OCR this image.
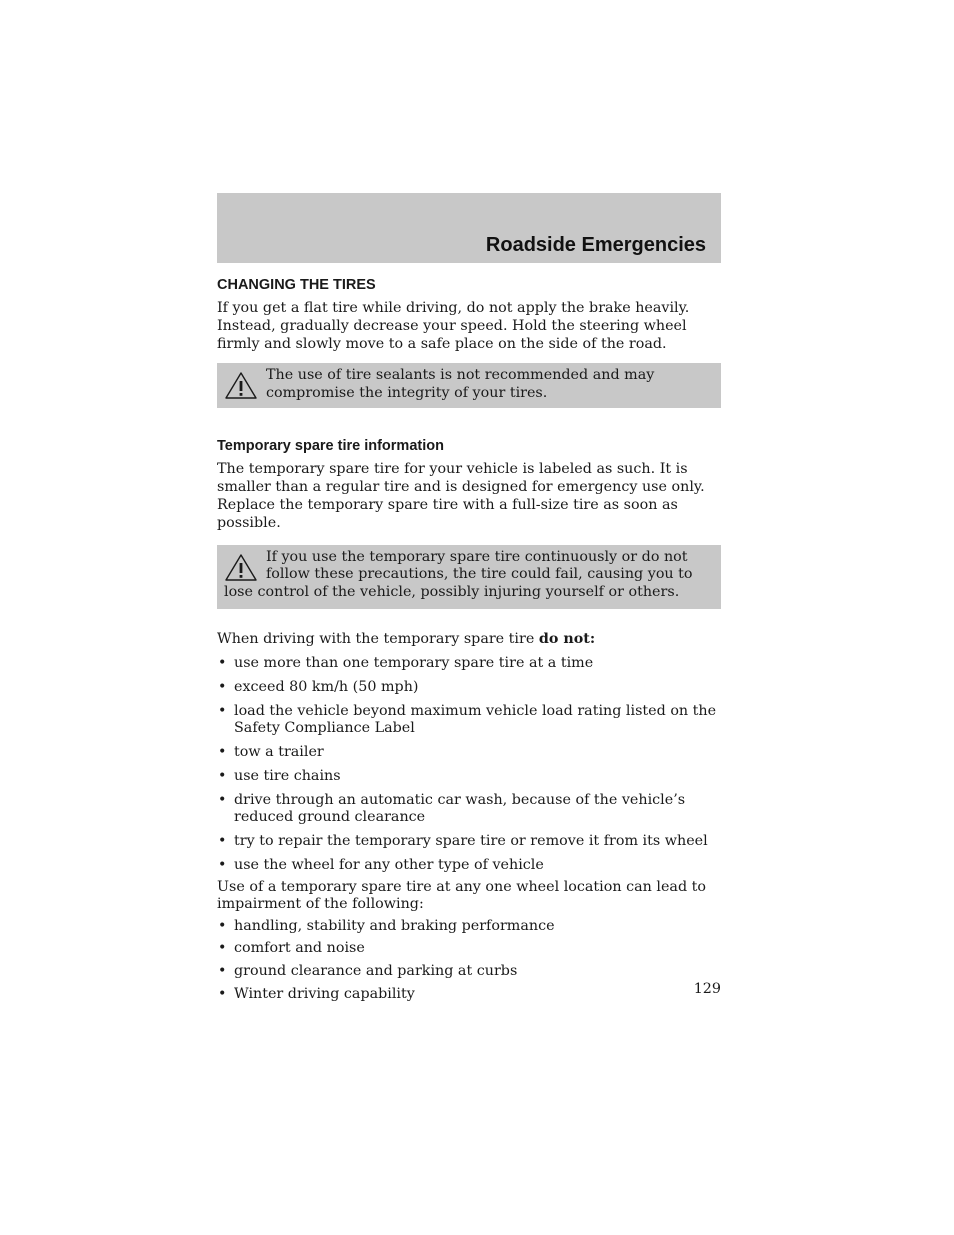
Roadside Emergencies
CHANGING THE TIRES

If you get a flat tire while driving, do not apply the brake heavily. Instead, gradually decrease your speed. Hold the steering wheel firmly and slowly move to a safe place on the side of the road.

The use of tire sealants is not recommended and may compromise the integrity of your tires.

Temporary spare tire information

The temporary spare tire for your vehicle is labeled as such. It is smaller than a regular tire and is designed for emergency use only. Replace the temporary spare tire with a full-size tire as soon as possible.

If you use the temporary spare tire continuously or do not follow these precautions, the tire could fail, causing you to lose control of the vehicle, possibly injuring yourself or others.

When driving with the temporary spare tire do not:

• use more than one temporary spare tire at a time
• exceed 80 km/h (50 mph)
• load the vehicle beyond maximum vehicle load rating listed on the Safety Compliance Label
• tow a trailer
• use tire chains
• drive through an automatic car wash, because of the vehicle’s reduced ground clearance
• try to repair the temporary spare tire or remove it from its wheel
• use the wheel for any other type of vehicle

Use of a temporary spare tire at any one wheel location can lead to impairment of the following:

• handling, stability and braking performance
• comfort and noise
• ground clearance and parking at curbs
• Winter driving capability	129
